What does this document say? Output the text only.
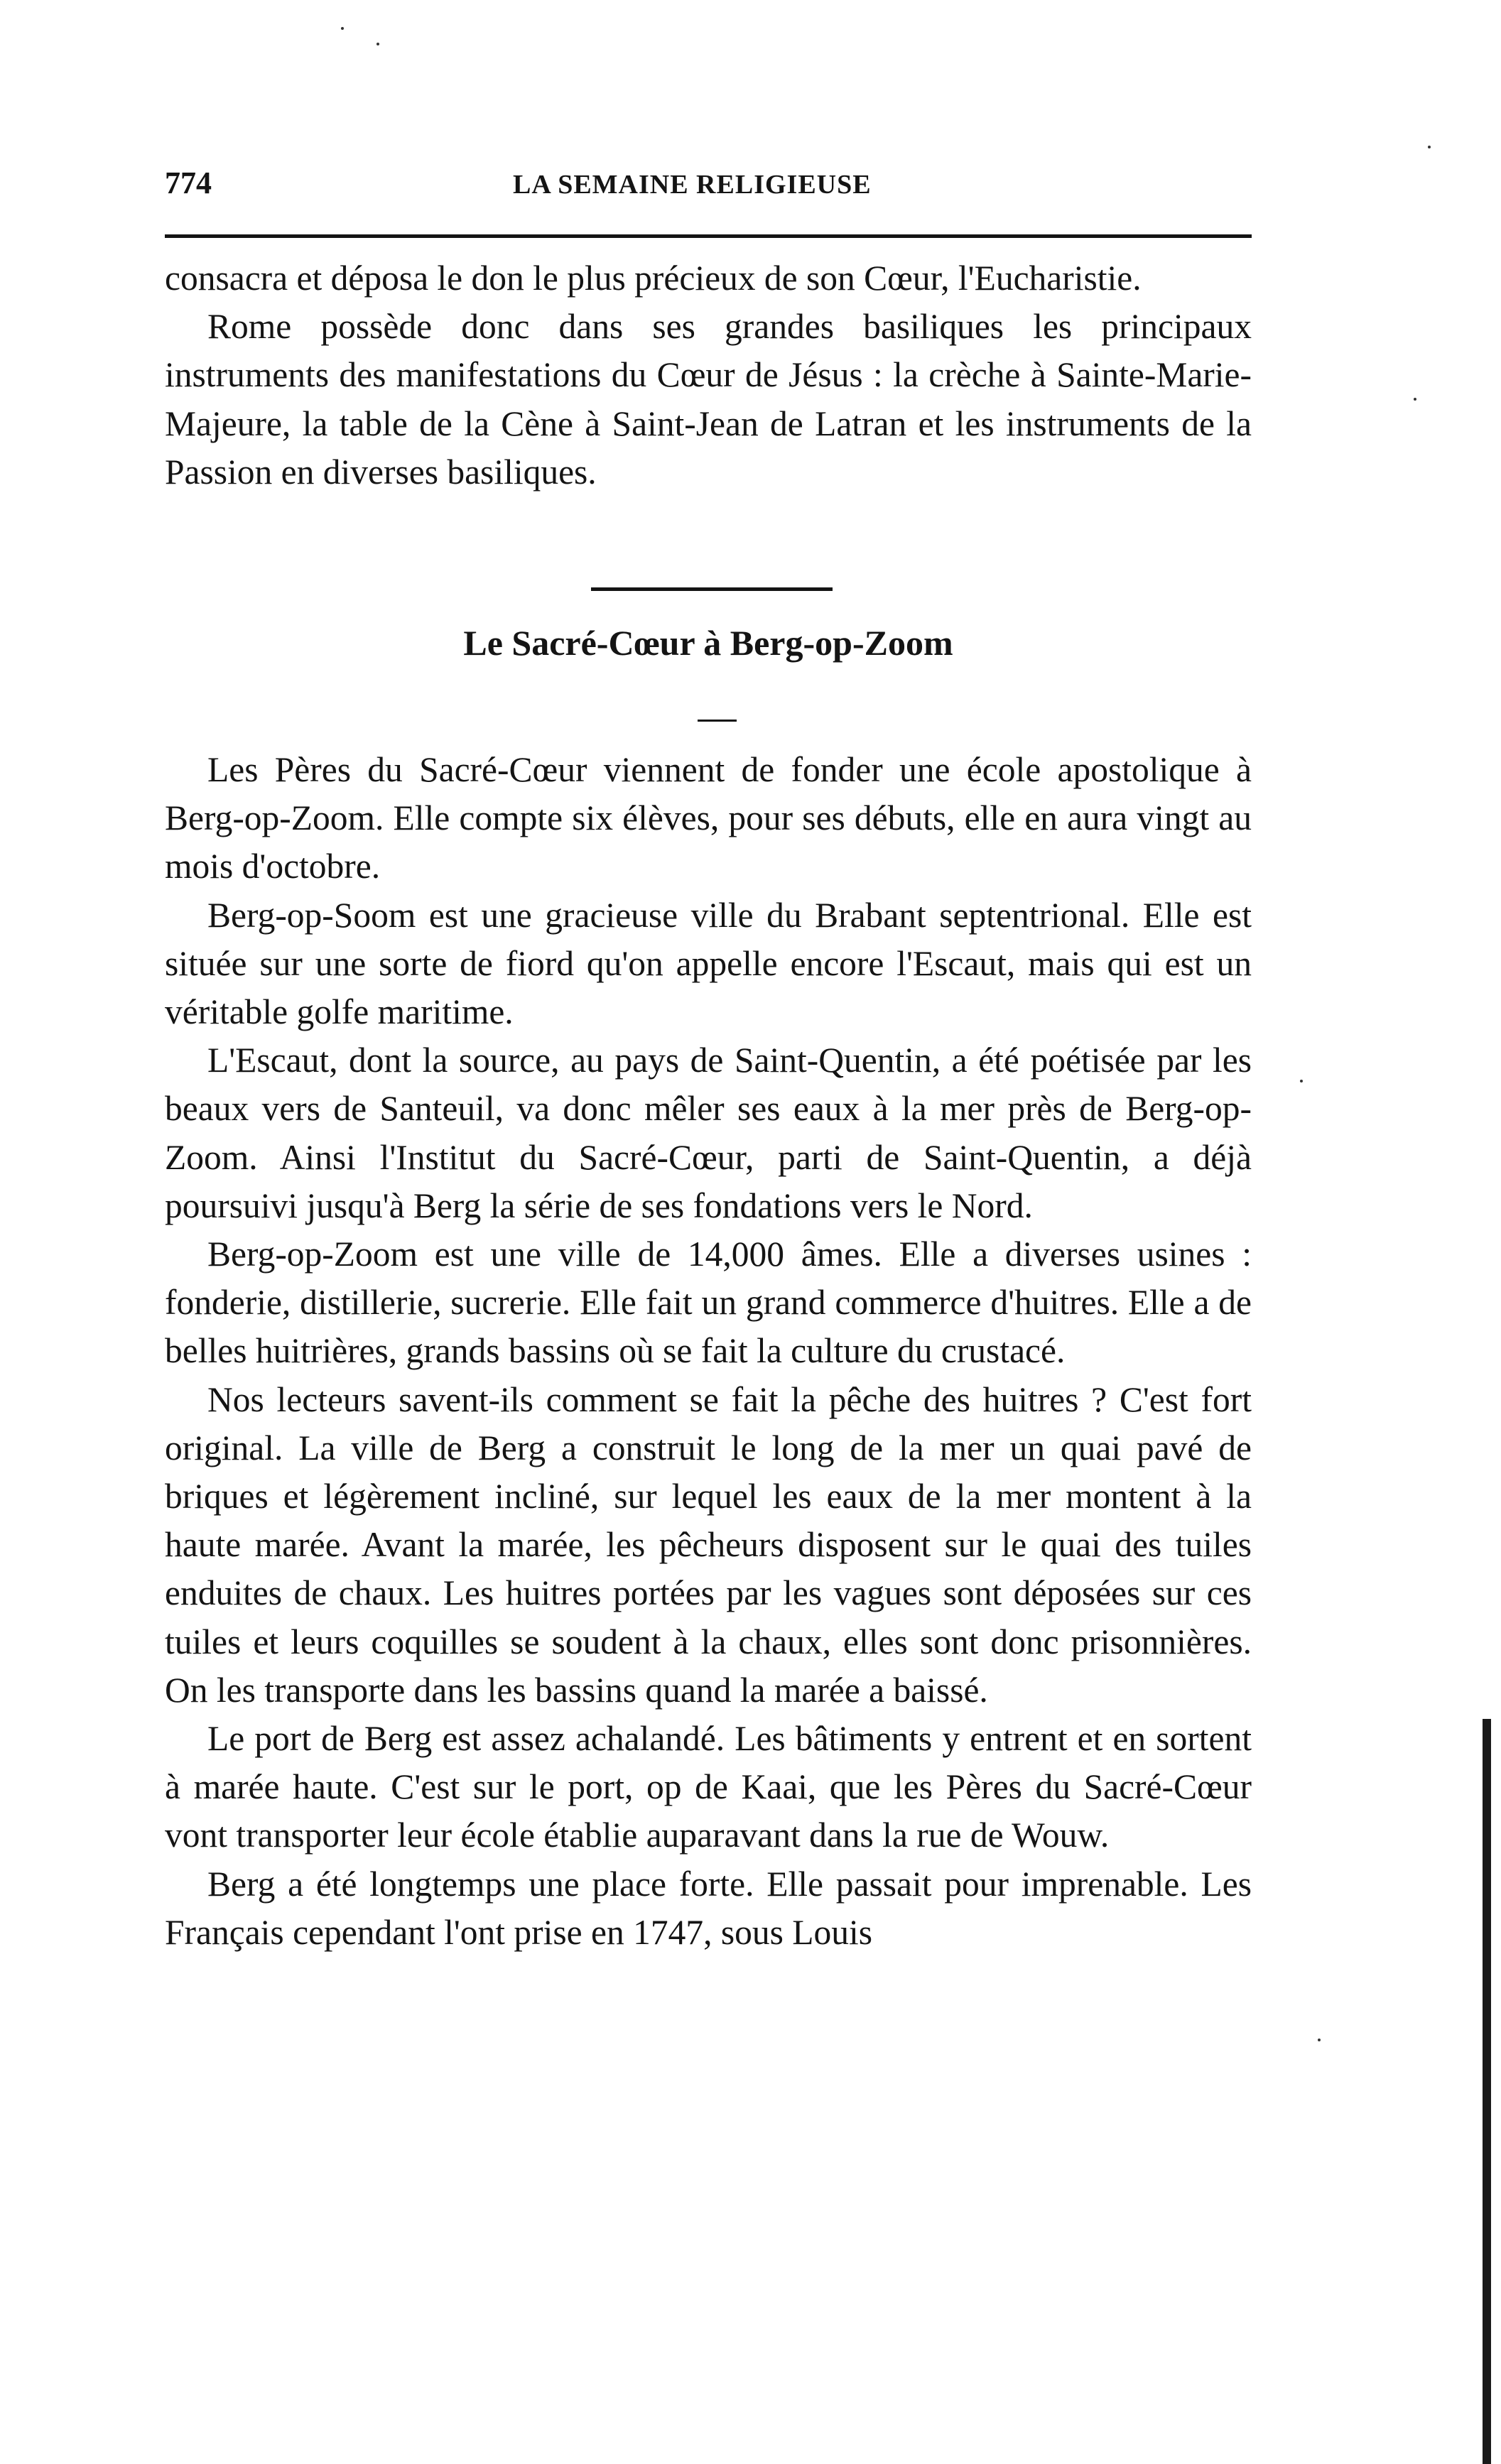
774	LA SEMAINE RELIGIEUSE

consacra et déposa le don le plus précieux de son Cœur, l'Eucharistie.

Rome possède donc dans ses grandes basiliques les principaux instruments des manifestations du Cœur de Jésus : la crèche à Sainte-Marie-Majeure, la table de la Cène à Saint-Jean de Latran et les instruments de la Passion en diverses basiliques.

Le Sacré-Cœur à Berg-op-Zoom

Les Pères du Sacré-Cœur viennent de fonder une école apostolique à Berg-op-Zoom. Elle compte six élèves, pour ses débuts, elle en aura vingt au mois d'octobre.

Berg-op-Soom est une gracieuse ville du Brabant septentrional. Elle est située sur une sorte de fiord qu'on appelle encore l'Escaut, mais qui est un véritable golfe maritime.

L'Escaut, dont la source, au pays de Saint-Quentin, a été poétisée par les beaux vers de Santeuil, va donc mêler ses eaux à la mer près de Berg-op-Zoom. Ainsi l'Institut du Sacré-Cœur, parti de Saint-Quentin, a déjà poursuivi jusqu'à Berg la série de ses fondations vers le Nord.

Berg-op-Zoom est une ville de 14,000 âmes. Elle a diverses usines : fonderie, distillerie, sucrerie. Elle fait un grand commerce d'huitres. Elle a de belles huitrières, grands bassins où se fait la culture du crustacé.

Nos lecteurs savent-ils comment se fait la pêche des huitres ? C'est fort original. La ville de Berg a construit le long de la mer un quai pavé de briques et légèrement incliné, sur lequel les eaux de la mer montent à la haute marée. Avant la marée, les pêcheurs disposent sur le quai des tuiles enduites de chaux. Les huitres portées par les vagues sont déposées sur ces tuiles et leurs coquilles se soudent à la chaux, elles sont donc prisonnières. On les transporte dans les bassins quand la marée a baissé.

Le port de Berg est assez achalandé. Les bâtiments y entrent et en sortent à marée haute. C'est sur le port, op de Kaai, que les Pères du Sacré-Cœur vont transporter leur école établie auparavant dans la rue de Wouw.

Berg a été longtemps une place forte. Elle passait pour imprenable. Les Français cependant l'ont prise en 1747, sous Louis
